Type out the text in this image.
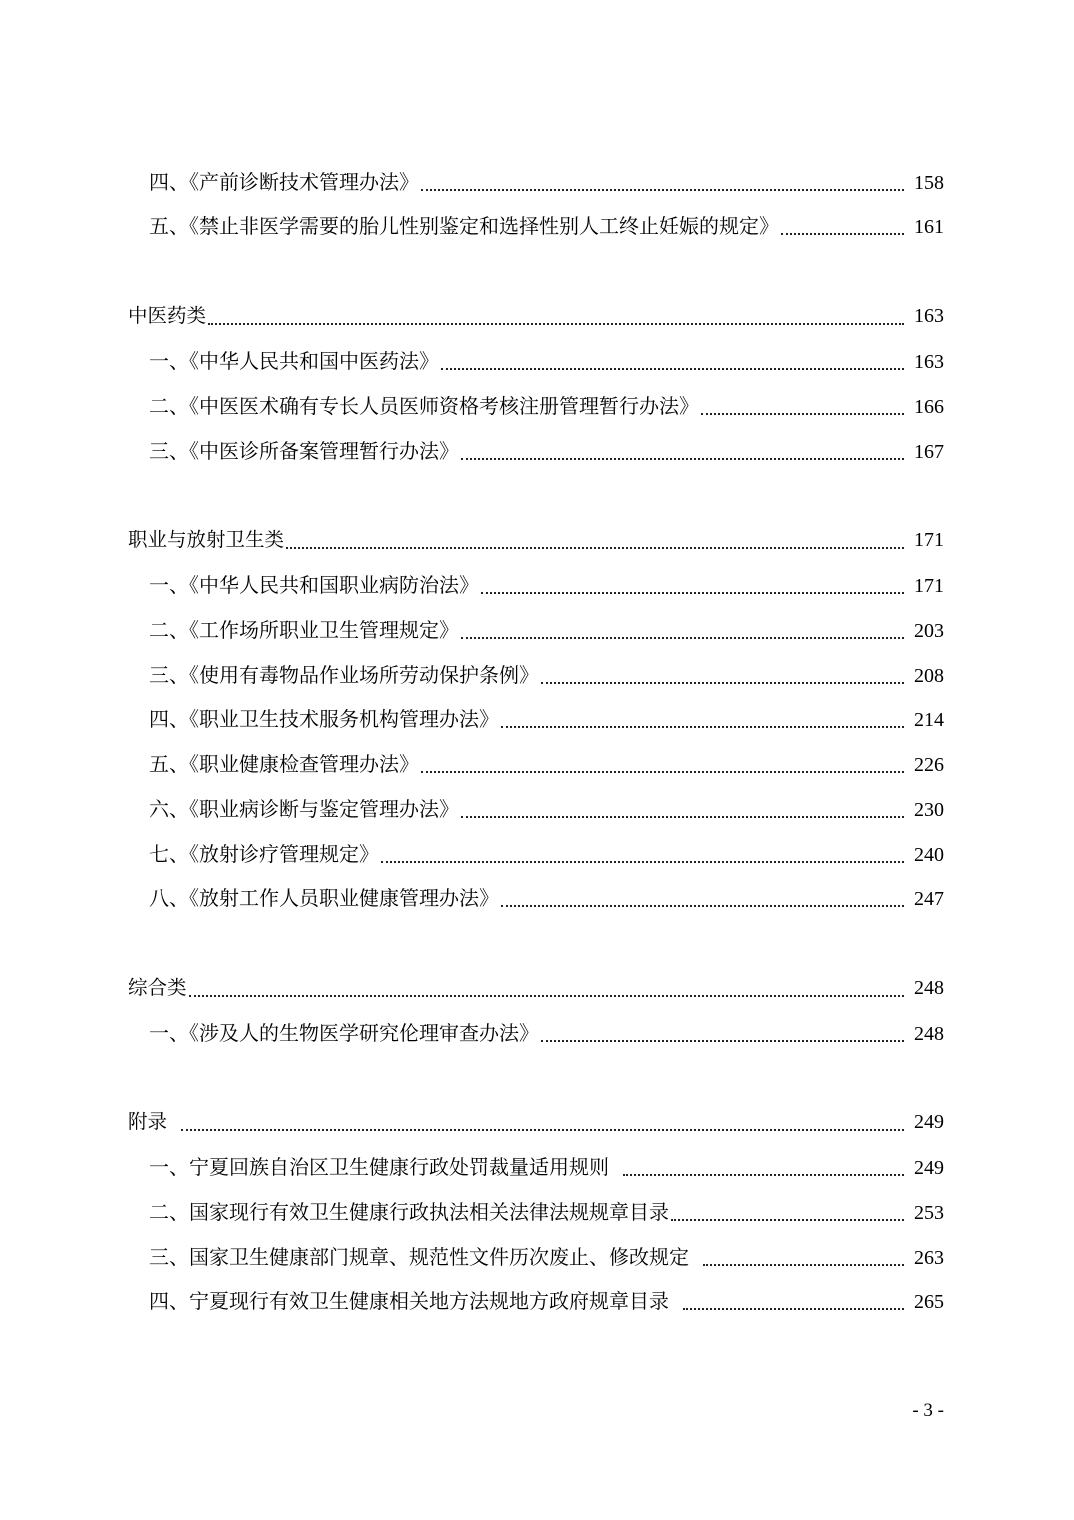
四、《产前诊断技术管理办法》	158
五、《禁止非医学需要的胎儿性别鉴定和选择性别人工终止妊娠的规定》	161
中医药类	163
一、《中华人民共和国中医药法》	163
二、《中医医术确有专长人员医师资格考核注册管理暂行办法》	166
三、《中医诊所备案管理暂行办法》	167
职业与放射卫生类	171
一、《中华人民共和国职业病防治法》	171
二、《工作场所职业卫生管理规定》	203
三、《使用有毒物品作业场所劳动保护条例》	208
四、《职业卫生技术服务机构管理办法》	214
五、《职业健康检查管理办法》	226
六、《职业病诊断与鉴定管理办法》	230
七、《放射诊疗管理规定》	240
八、《放射工作人员职业健康管理办法》	247
综合类	248
一、《涉及人的生物医学研究伦理审查办法》	248
附录	249
一、宁夏回族自治区卫生健康行政处罚裁量适用规则	249
二、国家现行有效卫生健康行政执法相关法律法规规章目录	253
三、国家卫生健康部门规章、规范性文件历次废止、修改规定	263
四、宁夏现行有效卫生健康相关地方法规地方政府规章目录	265
- 3 -
